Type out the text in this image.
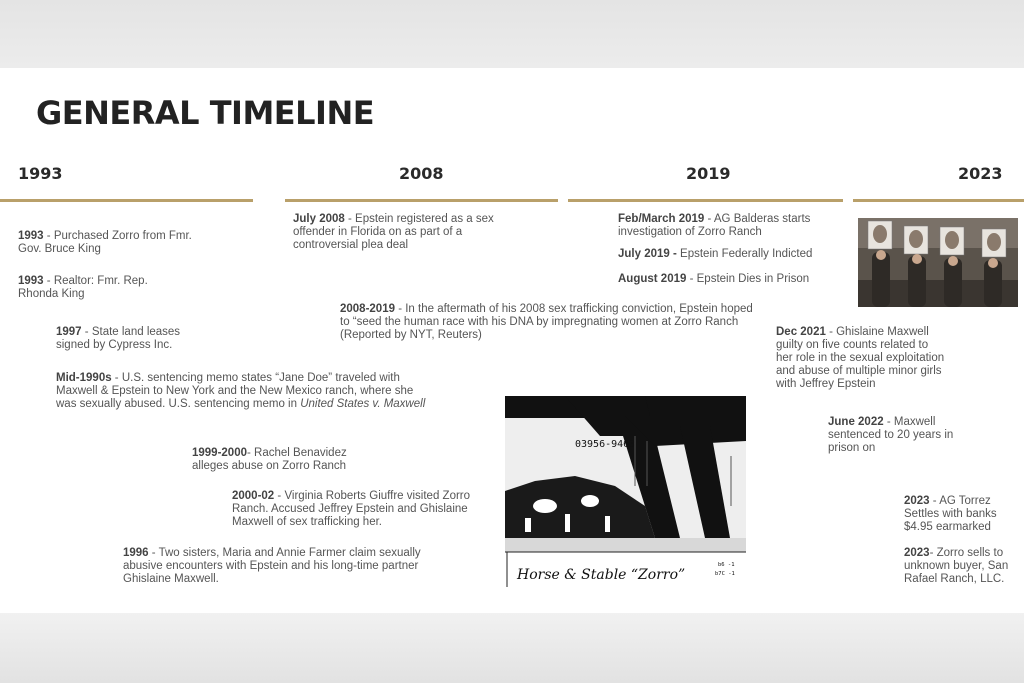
GENERAL TIMELINE
1993	2008	2019	2023

1993 - Purchased Zorro from Fmr. Gov. Bruce King

1993 - Realtor: Fmr. Rep. Rhonda King

1997 - State land leases signed by Cypress Inc.

Mid-1990s - U.S. sentencing memo states “Jane Doe” traveled with Maxwell & Epstein to New York and the New Mexico ranch, where she was sexually abused. U.S. sentencing memo in United States v. Maxwell

1999-2000- Rachel Benavidez alleges abuse on Zorro Ranch

2000-02 - Virginia Roberts Giuffre visited Zorro Ranch. Accused Jeffrey Epstein and Ghislaine Maxwell of sex trafficking her.

1996 - Two sisters, Maria and Annie Farmer claim sexually abusive encounters with Epstein and his long-time partner Ghislaine Maxwell.

July 2008 - Epstein registered as a sex offender in Florida on as part of a controversial plea deal

2008-2019 - In the aftermath of his 2008 sex trafficking conviction, Epstein hoped to “seed the human race with his DNA by impregnating women at Zorro Ranch (Reported by NYT, Reuters)

Feb/March 2019 - AG Balderas starts investigation of Zorro Ranch

July 2019 - Epstein Federally Indicted

August 2019 - Epstein Dies in Prison

Dec 2021 - Ghislaine Maxwell guilty on five counts related to her role in the sexual exploitation and abuse of multiple minor girls with Jeffrey Epstein

June 2022 - Maxwell sentenced to 20 years in prison on

2023 - AG Torrez Settles with banks $4.95 earmarked

2023- Zorro sells to unknown buyer, San Rafael Ranch, LLC.

03956-9463
Horse & Stable “Zorro”
b6 -1
b7C -1
